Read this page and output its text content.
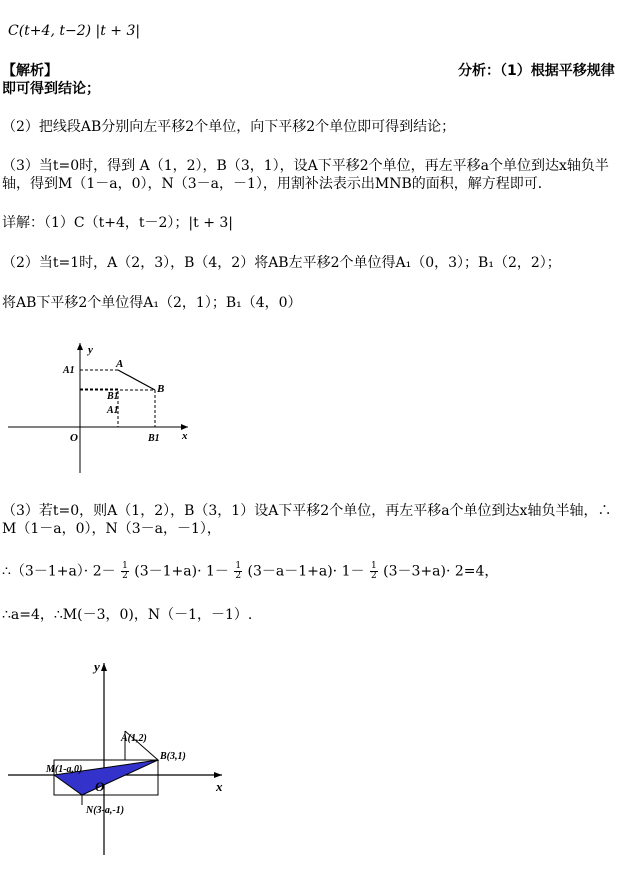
C(t+4, t−2) |t + 3|
【解析】	分析：（1）根据平移规律
即可得到结论；
（2）把线段AB分别向左平移2个单位，向下平移2个单位即可得到结论；
（3）当t=0时，得到 A（1，2），B（3，1），设A下平移2个单位，再左平移a个单位到达x轴负半
轴，得到M（1－a，0），N（3－a，－1），用割补法表示出MNB的面积，解方程即可．
详解：（1）C（t+4，t－2）；|t + 3|
（2）当t=1时，A（2，3），B（4，2）将AB左平移2个单位得A₁（0，3）；B₁（2，2）；
将AB下平移2个单位得A₁（2，1）；B₁（4，0）
y
x
O
A
B
A1
B1
A1
B1
（3）若t=0，则A（1，2），B（3，1）设A下平移2个单位，再左平移a个单位到达x轴负半轴，∴
M（1－a，0），N（3－a，－1），
∴（3－1+a）· $2- \frac{1}{2} (3-1+a)\cdot 1- \frac{1}{2} (3-a-1+a)\cdot 1- \frac{1}{2} (3-3+a)\cdot 2=4$，
∴a=4，∴M(－3，0)，N（－1，－1）.
y
x
O
A(1,2)
B(3,1)
M(1-a,0)
N(3-a,-1)
